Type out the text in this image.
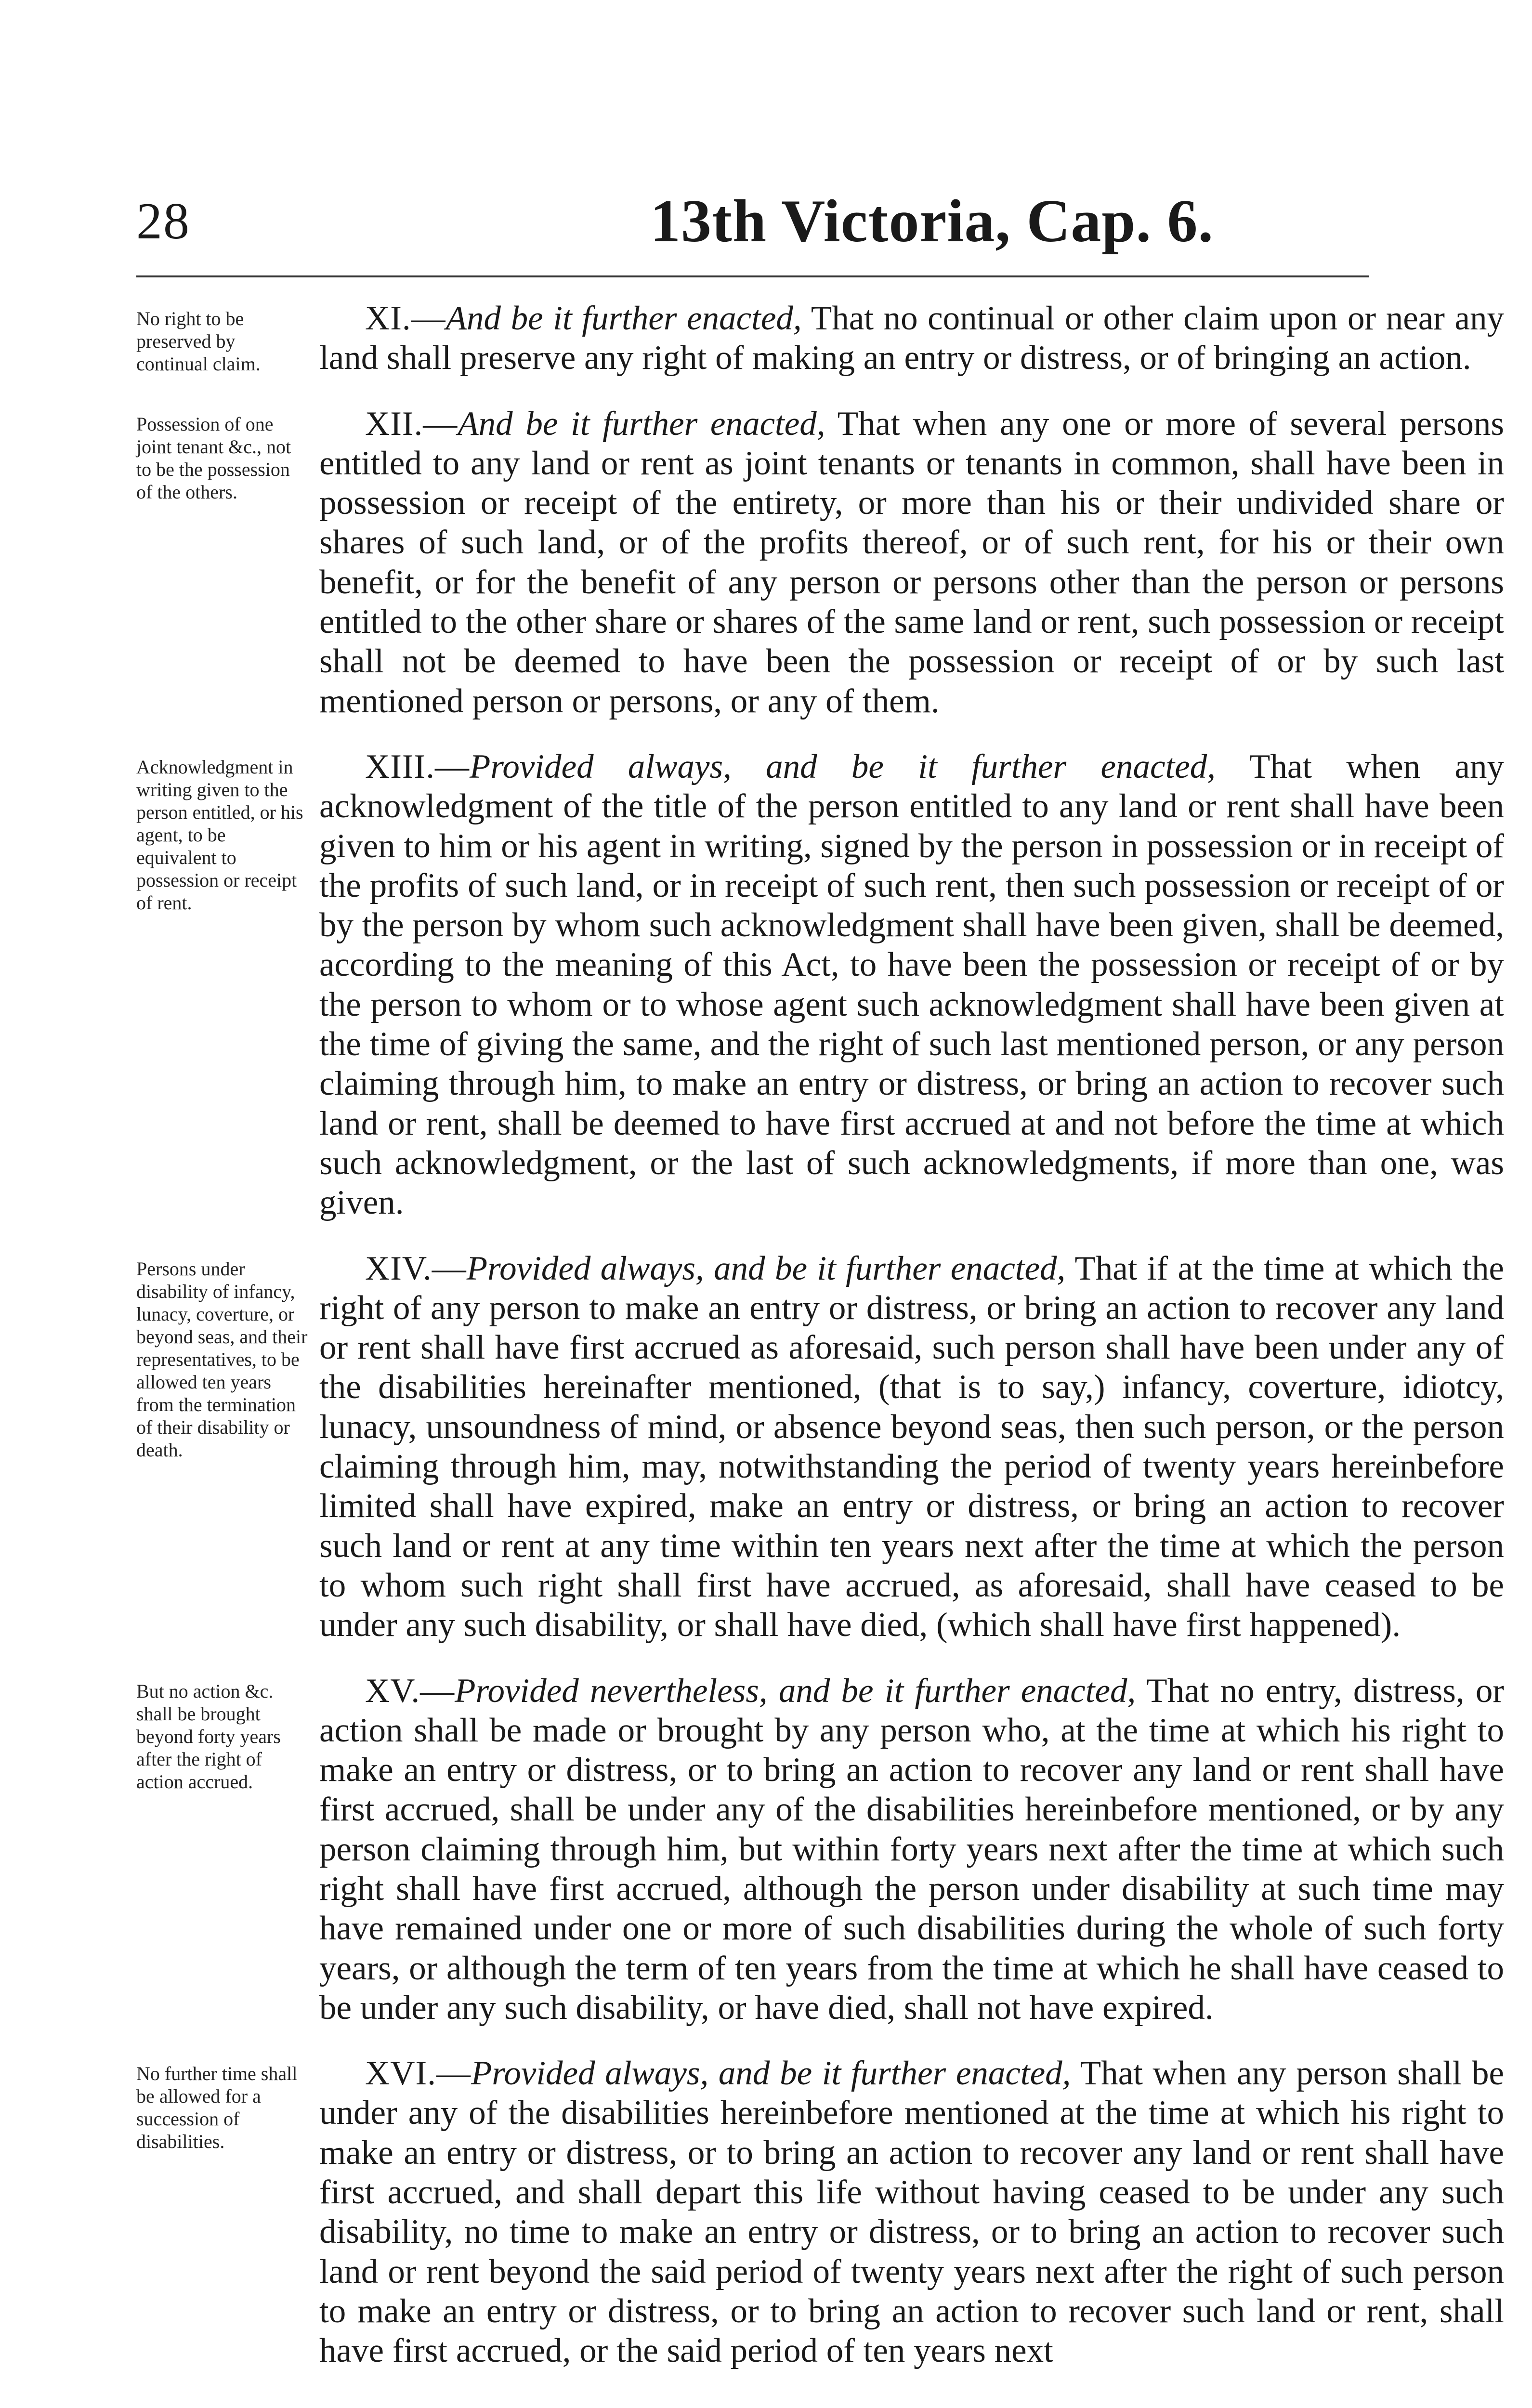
28	13th Victoria, Cap. 6.
No right to be preserved by continual claim.

XI.—And be it further enacted, That no continual or other claim upon or near any land shall preserve any right of making an entry or distress, or of bringing an action.

Possession of one joint tenant &c., not to be the possession of the others.

XII.—And be it further enacted, That when any one or more of several persons entitled to any land or rent as joint tenants or tenants in common, shall have been in possession or receipt of the entirety, or more than his or their undivided share or shares of such land, or of the profits thereof, or of such rent, for his or their own benefit, or for the benefit of any person or persons other than the person or persons entitled to the other share or shares of the same land or rent, such possession or receipt shall not be deemed to have been the possession or receipt of or by such last mentioned person or persons, or any of them.

Acknowledgment in writing given to the person entitled, or his agent, to be equivalent to possession or receipt of rent.

XIII.—Provided always, and be it further enacted, That when any acknowledgment of the title of the person entitled to any land or rent shall have been given to him or his agent in writing, signed by the person in possession or in receipt of the profits of such land, or in receipt of such rent, then such possession or receipt of or by the person by whom such acknowledgment shall have been given, shall be deemed, according to the meaning of this Act, to have been the possession or receipt of or by the person to whom or to whose agent such acknowledgment shall have been given at the time of giving the same, and the right of such last mentioned person, or any person claiming through him, to make an entry or distress, or bring an action to recover such land or rent, shall be deemed to have first accrued at and not before the time at which such acknowledgment, or the last of such acknowledgments, if more than one, was given.

Persons under disability of infancy, lunacy, coverture, or beyond seas, and their representatives, to be allowed ten years from the termination of their disability or death.

XIV.—Provided always, and be it further enacted, That if at the time at which the right of any person to make an entry or distress, or bring an action to recover any land or rent shall have first accrued as aforesaid, such person shall have been under any of the disabilities hereinafter mentioned, (that is to say,) infancy, coverture, idiotcy, lunacy, unsoundness of mind, or absence beyond seas, then such person, or the person claiming through him, may, notwithstanding the period of twenty years hereinbefore limited shall have expired, make an entry or distress, or bring an action to recover such land or rent at any time within ten years next after the time at which the person to whom such right shall first have accrued, as aforesaid, shall have ceased to be under any such disability, or shall have died, (which shall have first happened).

But no action &c. shall be brought beyond forty years after the right of action accrued.

XV.—Provided nevertheless, and be it further enacted, That no entry, distress, or action shall be made or brought by any person who, at the time at which his right to make an entry or distress, or to bring an action to recover any land or rent shall have first accrued, shall be under any of the disabilities hereinbefore mentioned, or by any person claiming through him, but within forty years next after the time at which such right shall have first accrued, although the person under disability at such time may have remained under one or more of such disabilities during the whole of such forty years, or although the term of ten years from the time at which he shall have ceased to be under any such disability, or have died, shall not have expired.

No further time shall be allowed for a succession of disabilities.

XVI.—Provided always, and be it further enacted, That when any person shall be under any of the disabilities hereinbefore mentioned at the time at which his right to make an entry or distress, or to bring an action to recover any land or rent shall have first accrued, and shall depart this life without having ceased to be under any such disability, no time to make an entry or distress, or to bring an action to recover such land or rent beyond the said period of twenty years next after the right of such person to make an entry or distress, or to bring an action to recover such land or rent, shall have first accrued, or the said period of ten years next
